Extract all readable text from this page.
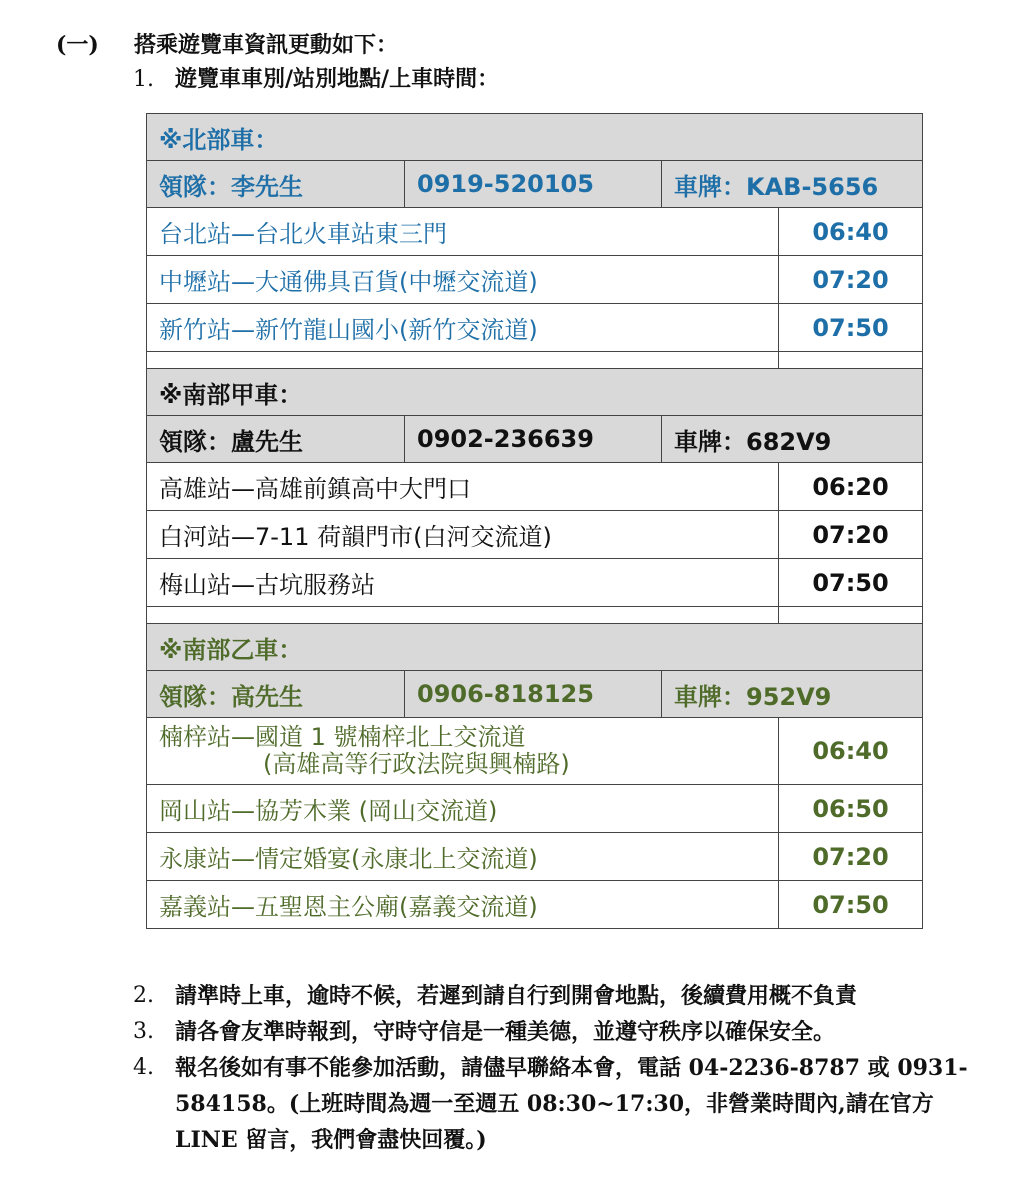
(一) 搭乘遊覽車資訊更動如下：
1. 遊覽車車別/站別地點/上車時間：
※北部車：			
領隊：李先生	0919-520105	車牌：KAB-5656	
台北站—台北火車站東三門			06:40
中壢站—大通佛具百貨(中壢交流道)			07:20
新竹站—新竹龍山國小(新竹交流道)			07:50

※南部甲車：			
領隊：盧先生	0902-236639	車牌：682V9	
高雄站—高雄前鎮高中大門口			06:20
白河站—7-11 荷韻門市(白河交流道)			07:20
梅山站—古坑服務站			07:50

※南部乙車：			
領隊：高先生	0906-818125	車牌：952V9	
楠梓站—國道 1 號楠梓北上交流道
(高雄高等行政法院與興楠路)			06:40
岡山站—協芳木業 (岡山交流道)			06:50
永康站—情定婚宴(永康北上交流道)			07:20
嘉義站—五聖恩主公廟(嘉義交流道)			07:50
2. 請準時上車，逾時不候，若遲到請自行到開會地點，後續費用概不負責
3. 請各會友準時報到，守時守信是一種美德，並遵守秩序以確保安全。
4. 報名後如有事不能參加活動，請儘早聯絡本會，電話 04-2236-8787 或 0931-584158。(上班時間為週一至週五 08:30~17:30，非營業時間內,請在官方 LINE 留言，我們會盡快回覆。)
